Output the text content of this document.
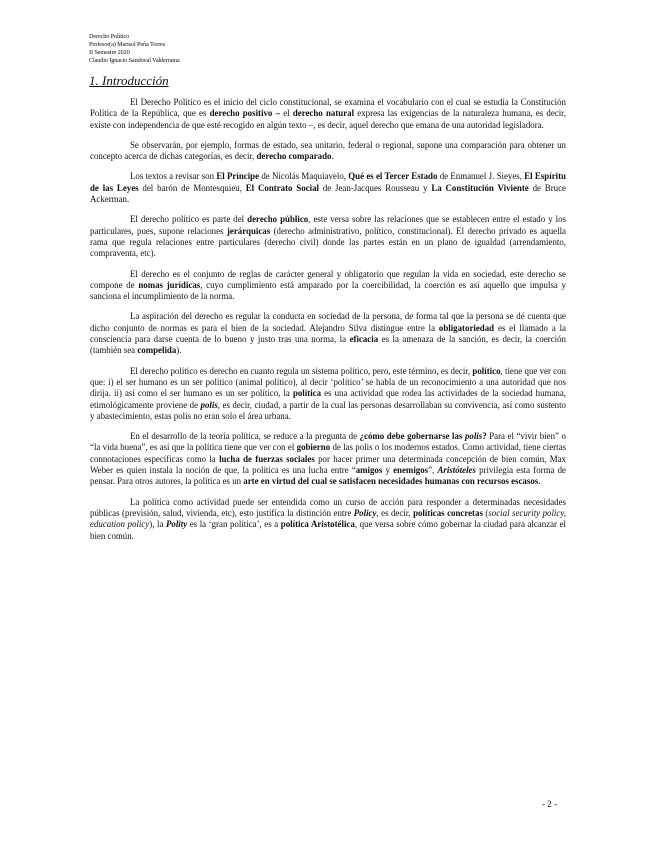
Derecho Político
Profesor(a) Marisol Peña Torres
II Semestre 2020
Claudio Ignacio Sandoval Valderrama
1. Introducción

El Derecho Político es el inicio del ciclo constitucional, se examina el vocabulario con el cual se estudia la Constitución Política de la República, que es derecho positivo – el derecho natural expresa las exigencias de la naturaleza humana, es decir, existe con independencia de que esté recogido en algún texto –, es decir, aquel derecho que emana de una autoridad legisladora.

Se observarán, por ejemplo, formas de estado, sea unitario, federal o regional, supone una comparación para obtener un concepto acerca de dichas categorías, es decir, derecho comparado.

Los textos a revisar son El Príncipe de Nicolás Maquiavelo, Qué es el Tercer Estado de Enmanuel J. Sieyes, El Espíritu de las Leyes del barón de Montesquieu, El Contrato Social de Jean-Jacques Rousseau y La Constitución Viviente de Bruce Ackerman.

El derecho político es parte del derecho público, este versa sobre las relaciones que se establecen entre el estado y los particulares, pues, supone relaciones jerárquicas (derecho administrativo, político, constitucional). El derecho privado es aquella rama que regula relaciones entre particulares (derecho civil) donde las partes están en un plano de igualdad (arrendamiento, compraventa, etc).

El derecho es el conjunto de reglas de carácter general y obligatorio que regulan la vida en sociedad, este derecho se compone de nomas jurídicas, cuyo cumplimiento está amparado por la coercibilidad, la coerción es así aquello que impulsa y sanciona el incumplimiento de la norma.

La aspiración del derecho es regular la conducta en sociedad de la persona, de forma tal que la persona se dé cuenta que dicho conjunto de normas es para el bien de la sociedad. Alejandro Silva distingue entre la obligatoriedad es el llamado a la consciencia para darse cuenta de lo bueno y justo tras una norma, la eficacia es la amenaza de la sanción, es decir, la coerción (también sea compelida).

El derecho político es derecho en cuanto regula un sistema político, pero, este término, es decir, político, tiene que ver con que: i) el ser humano es un ser político (animal político), al decir ‘político’ se habla de un reconocimiento a una autoridad que nos dirija. ii) así como el ser humano es un ser político, la política es una actividad que rodea las actividades de la sociedad humana, etimológicamente proviene de polis, es decir, ciudad, a partir de la cual las personas desarrollaban su convivencia, así como sustento y abastecimiento, estas polis no eran solo el área urbana.

En el desarrollo de la teoría política, se reduce a la pregunta de ¿cómo debe gobernarse las polis? Para el “vivir bien” o “la vida buena”, es así que la política tiene que ver con el gobierno de las polis o los modernos estados. Como actividad, tiene ciertas connotaciones específicas como la lucha de fuerzas sociales por hacer primer una determinada concepción de bien común, Max Weber es quien instala la noción de que, la política es una lucha entre “amigos y enemigos”, Aristóteles privilegia esta forma de pensar. Para otros autores, la política es un arte en virtud del cual se satisfacen necesidades humanas con recursos escasos.

La política como actividad puede ser entendida como un curso de acción para responder a determinadas necesidades públicas (previsión, salud, vivienda, etc), esto justifica la distinción entre Policy, es decir, políticas concretas (social security policy, education policy), la Polity es la ‘gran política’, es a política Aristotélica, que versa sobre cómo gobernar la ciudad para alcanzar el bien común.

- 2 -
